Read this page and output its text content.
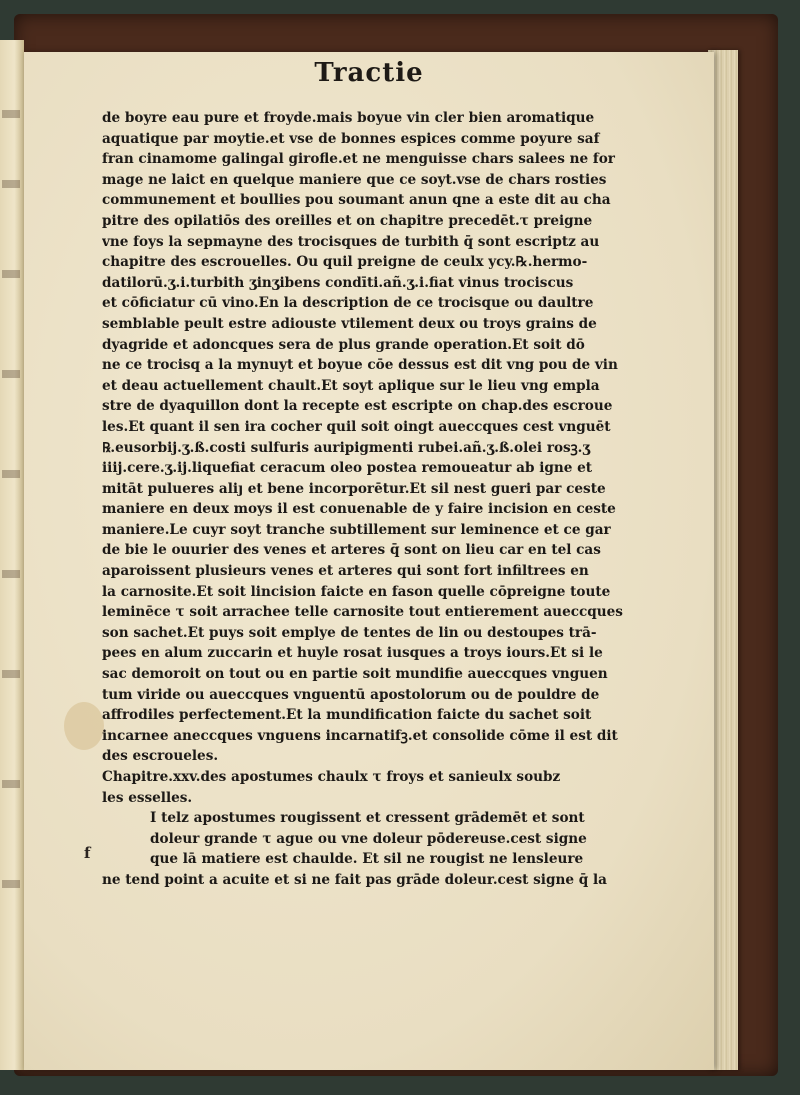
Tractie
de boyre eau pure et froyde.mais boyue vin cler bien aromatique
aquatique par moytie.et vse de bonnes espices comme poyure saf
fran cinamome galingal girofle.et ne menguisse chars salees ne for
mage ne laict en quelque maniere que ce soyt.vse de chars rosties
communement et boullies pou soumant anun qne a este dit au cha
pitre des opilatiōs des oreilles et on chapitre precedēt.τ preigne
vne foys la sepmayne des trocisques de turbith q̄ sont escriptz au
chapitre des escrouelles. Ou quil preigne de ceulx ycy.℞.hermo-
datilorū.ʒ.i.turbith ʒinʒibens condīti.añ.ʒ.i.fiat vinus trociscus
et cōficiatur cū vino.En la description de ce trocisque ou daultre
semblable peult estre adiouste vtilement deux ou troys grains de
dyagride et adoncques sera de plus grande operation.Et soit dō
ne ce trocisq a la mynuyt et boyue cōe dessus est dit vng pou de vin
et deau actuellement chault.Et soyt aplique sur le lieu vng empla
stre de dyaquillon dont la recepte est escripte on chap.des escroue
les.Et quant il sen ira cocher quil soit oingt aueccques cest vnguēt
℞.eusorbij.ʒ.ß.costi sulfuris auripigmenti rubei.añ.ʒ.ß.olei rosꝫ.ʒ
iiij.cere.ʒ.ij.liquefiat ceracum oleo postea remoueatur ab igne et
mitāt pulueres aliȷ et bene incorporētur.Et sil nest gueri par ceste
maniere en deux moys il est conuenable de y faire incision en ceste
maniere.Le cuyr soyt tranche subtillement sur leminence et ce gar
de bie le ouurier des venes et arteres q̄ sont on lieu car en tel cas
aparoissent plusieurs venes et arteres qui sont fort infiltrees en
la carnosite.Et soit lincision faicte en fason quelle cōpreigne toute
leminēce τ soit arrachee telle carnosite tout entierement aueccques
son sachet.Et puys soit emplye de tentes de lin ou destoupes trā-
pees en alum zuccarin et huyle rosat iusques a troys iours.Et si le
sac demoroit on tout ou en partie soit mundifie aueccques vnguen
tum viride ou aueccques vnguentū apostolorum ou de pouldre de
affrodiles perfectement.Et la mundification faicte du sachet soit
incarnee aneccques vnguens incarnatifꝫ.et consolide cōme il est dit
des escroueles.
Chapitre.xxv.des apostumes chaulx τ froys et sanieulx soubz
les esselles.
I telz apostumes rougissent et cressent grādemēt et sont
doleur grande τ ague ou vne doleur pōdereuse.cest signe
que lā matiere est chaulde. Et sil ne rougist ne lensleure
ne tend point a acuite et si ne fait pas grāde doleur.cest signe q̄ la
f
